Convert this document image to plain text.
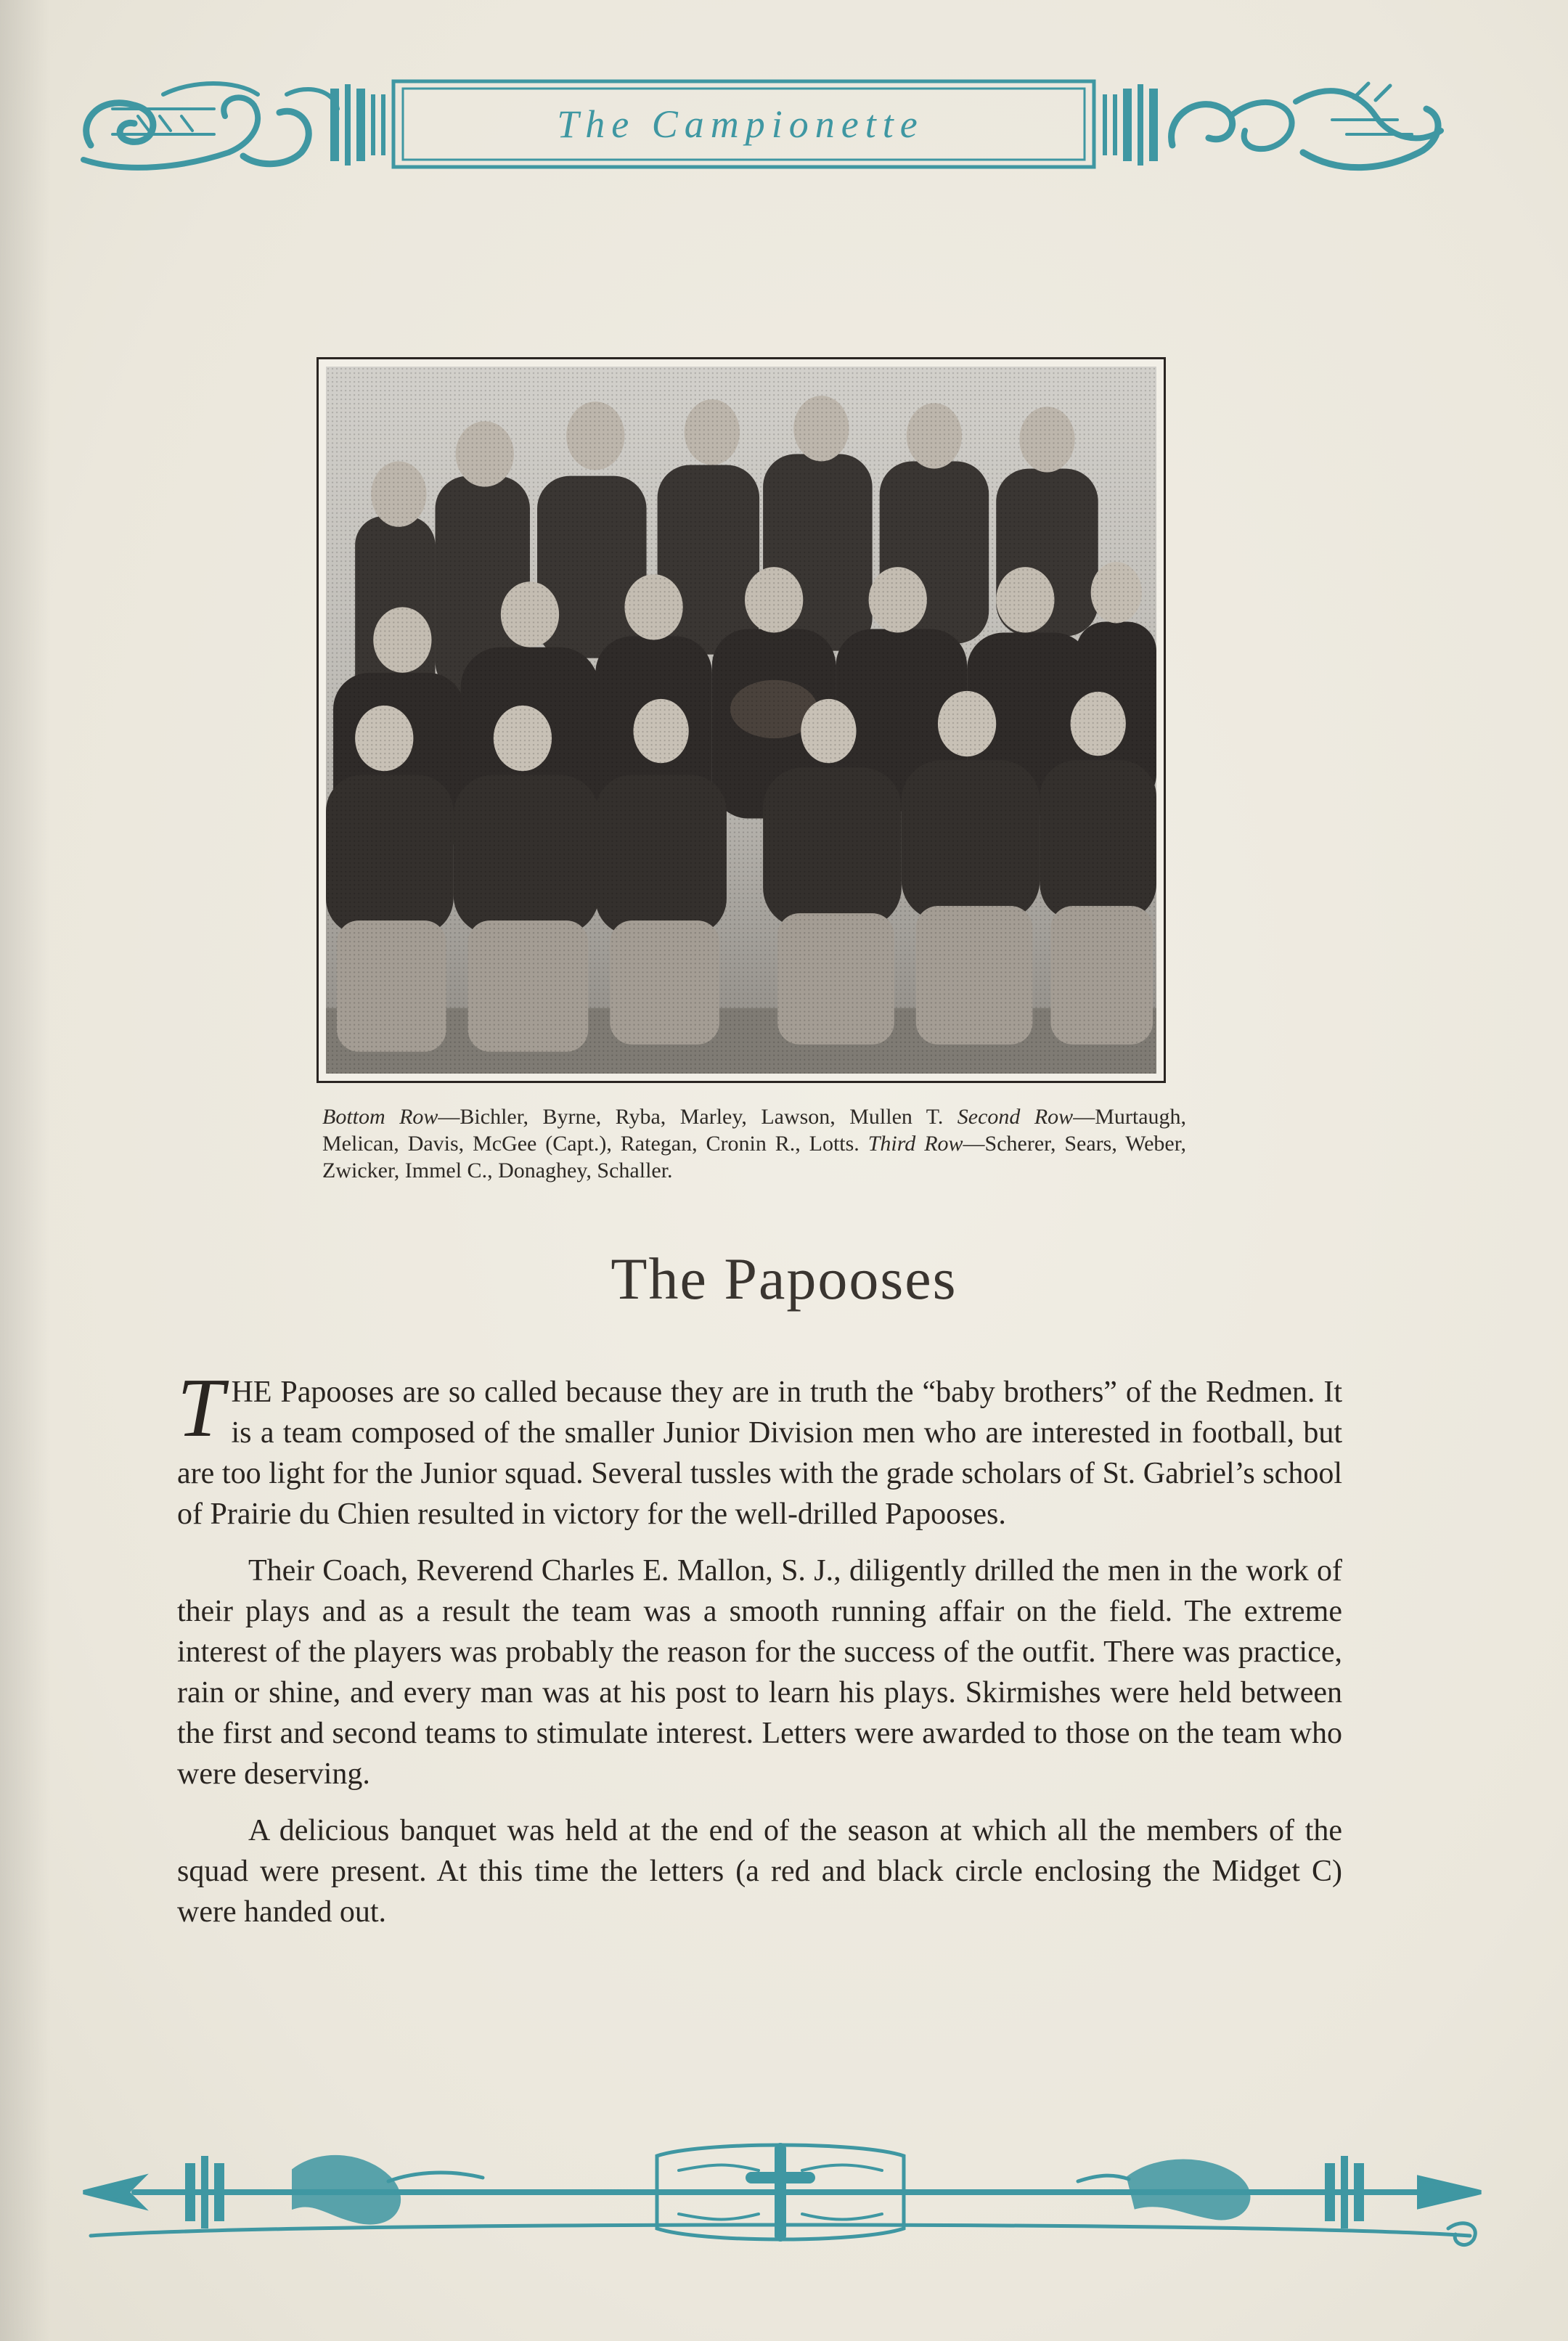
The Campionette
Bottom Row—Bichler, Byrne, Ryba, Marley, Lawson, Mullen T. Second Row—Murtaugh, Melican, Davis, McGee (Capt.), Rategan, Cronin R., Lotts. Third Row—Scherer, Sears, Weber, Zwicker, Immel C., Donaghey, Schaller.
The Papooses

THE Papooses are so called because they are in truth the “baby brothers” of the Redmen. It is a team composed of the smaller Junior Division men who are interested in football, but are too light for the Junior squad. Several tussles with the grade scholars of St. Gabriel’s school of Prairie du Chien resulted in victory for the well-drilled Papooses.

Their Coach, Reverend Charles E. Mallon, S. J., diligently drilled the men in the work of their plays and as a result the team was a smooth running affair on the field. The extreme interest of the players was probably the reason for the success of the outfit. There was practice, rain or shine, and every man was at his post to learn his plays. Skirmishes were held between the first and second teams to stimulate interest. Letters were awarded to those on the team who were deserving.

A delicious banquet was held at the end of the season at which all the members of the squad were present. At this time the letters (a red and black circle enclosing the Midget C) were handed out.
